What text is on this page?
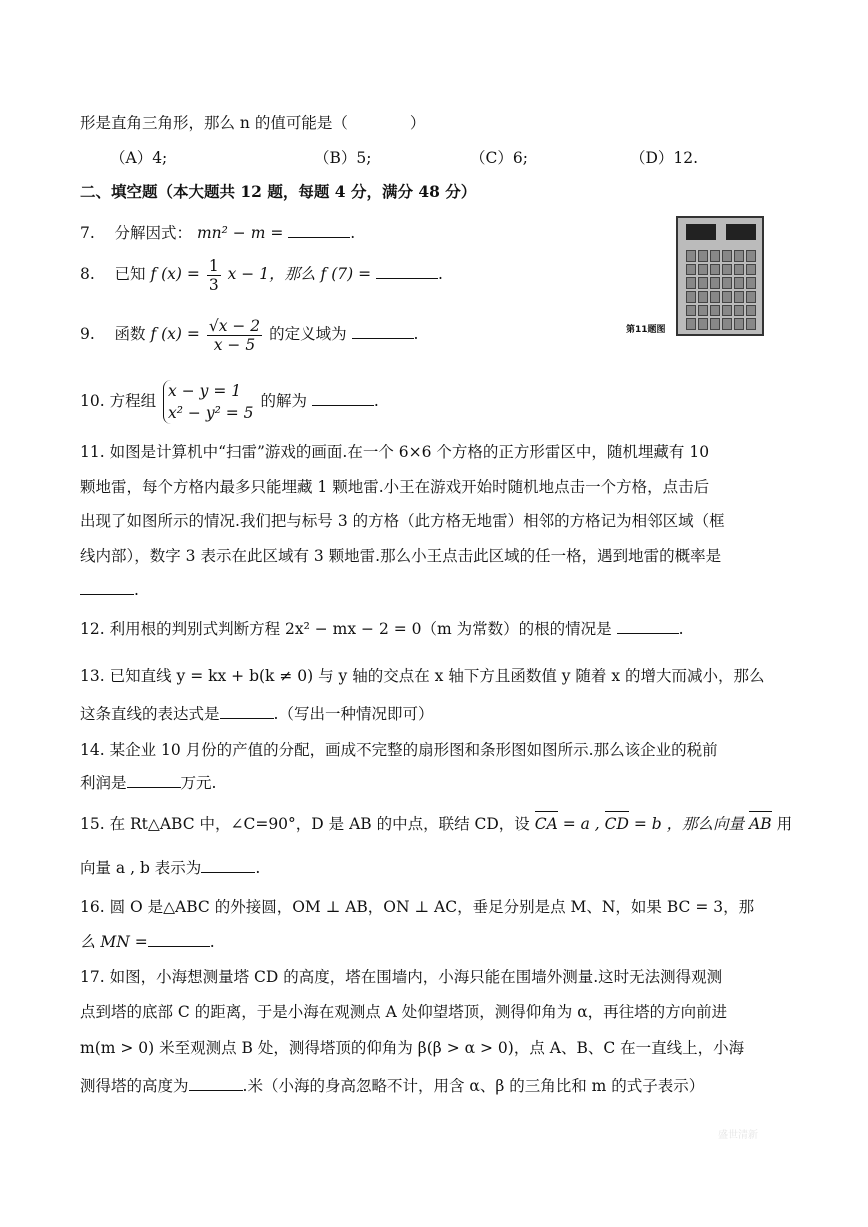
形是直角三角形，那么 n 的值可能是（　　　　）
（A）4;	（B）5;	（C）6;	（D）12.
二、填空题（本大题共 12 题，每题 4 分，满分 48 分）
7. 分解因式： mn² − m =	.
8. 已知 f $(x) = \frac{1}{3}$ x − 1，那么 f (7) =	.
9. 函数 f $(x) = \frac{√x - 2}{x - 5}$ 的定义域为	.
10. 方程组
x − y = 1
x² − y² = 5
的解为	.
11. 如图是计算机中“扫雷”游戏的画面.在一个 6×6 个方格的正方形雷区中，随机埋藏有 10
颗地雷，每个方格内最多只能埋藏 1 颗地雷.小王在游戏开始时随机地点击一个方格，点击后
出现了如图所示的情况.我们把与标号 3 的方格（此方格无地雷）相邻的方格记为相邻区域（框
线内部），数字 3 表示在此区域有 3 颗地雷.那么小王点击此区域的任一格，遇到地雷的概率是
.
12. 利用根的判别式判断方程 2x² − mx − 2 = 0（m 为常数）的根的情况是	.
13. 已知直线 y = kx + b(k ≠ 0) 与 y 轴的交点在 x 轴下方且函数值 y 随着 x 的增大而减小，那么
这条直线的表达式是	.（写出一种情况即可）
14. 某企业 10 月份的产值的分配，画成不完整的扇形图和条形图如图所示.那么该企业的税前
利润是	万元.
15. 在 Rt△ABC 中，∠C=90°，D 是 AB 的中点，联结 CD，设 CA = a , CD = b ，那么向量 AB 用
向量 a , b 表示为	.
16. 圆 O 是△ABC 的外接圆，OM ⊥ AB，ON ⊥ AC，垂足分别是点 M、N，如果 BC = 3，那
么 MN =	.
17. 如图，小海想测量塔 CD 的高度，塔在围墙内，小海只能在围墙外测量.这时无法测得观测
点到塔的底部 C 的距离，于是小海在观测点 A 处仰望塔顶，测得仰角为 α，再往塔的方向前进
m(m > 0) 米至观测点 B 处，测得塔顶的仰角为 β(β > α > 0)，点 A、B、C 在一直线上，小海
测得塔的高度为	.米（小海的身高忽略不计，用含 α、β 的三角比和 m 的式子表示）
第11题图
盛世清新
